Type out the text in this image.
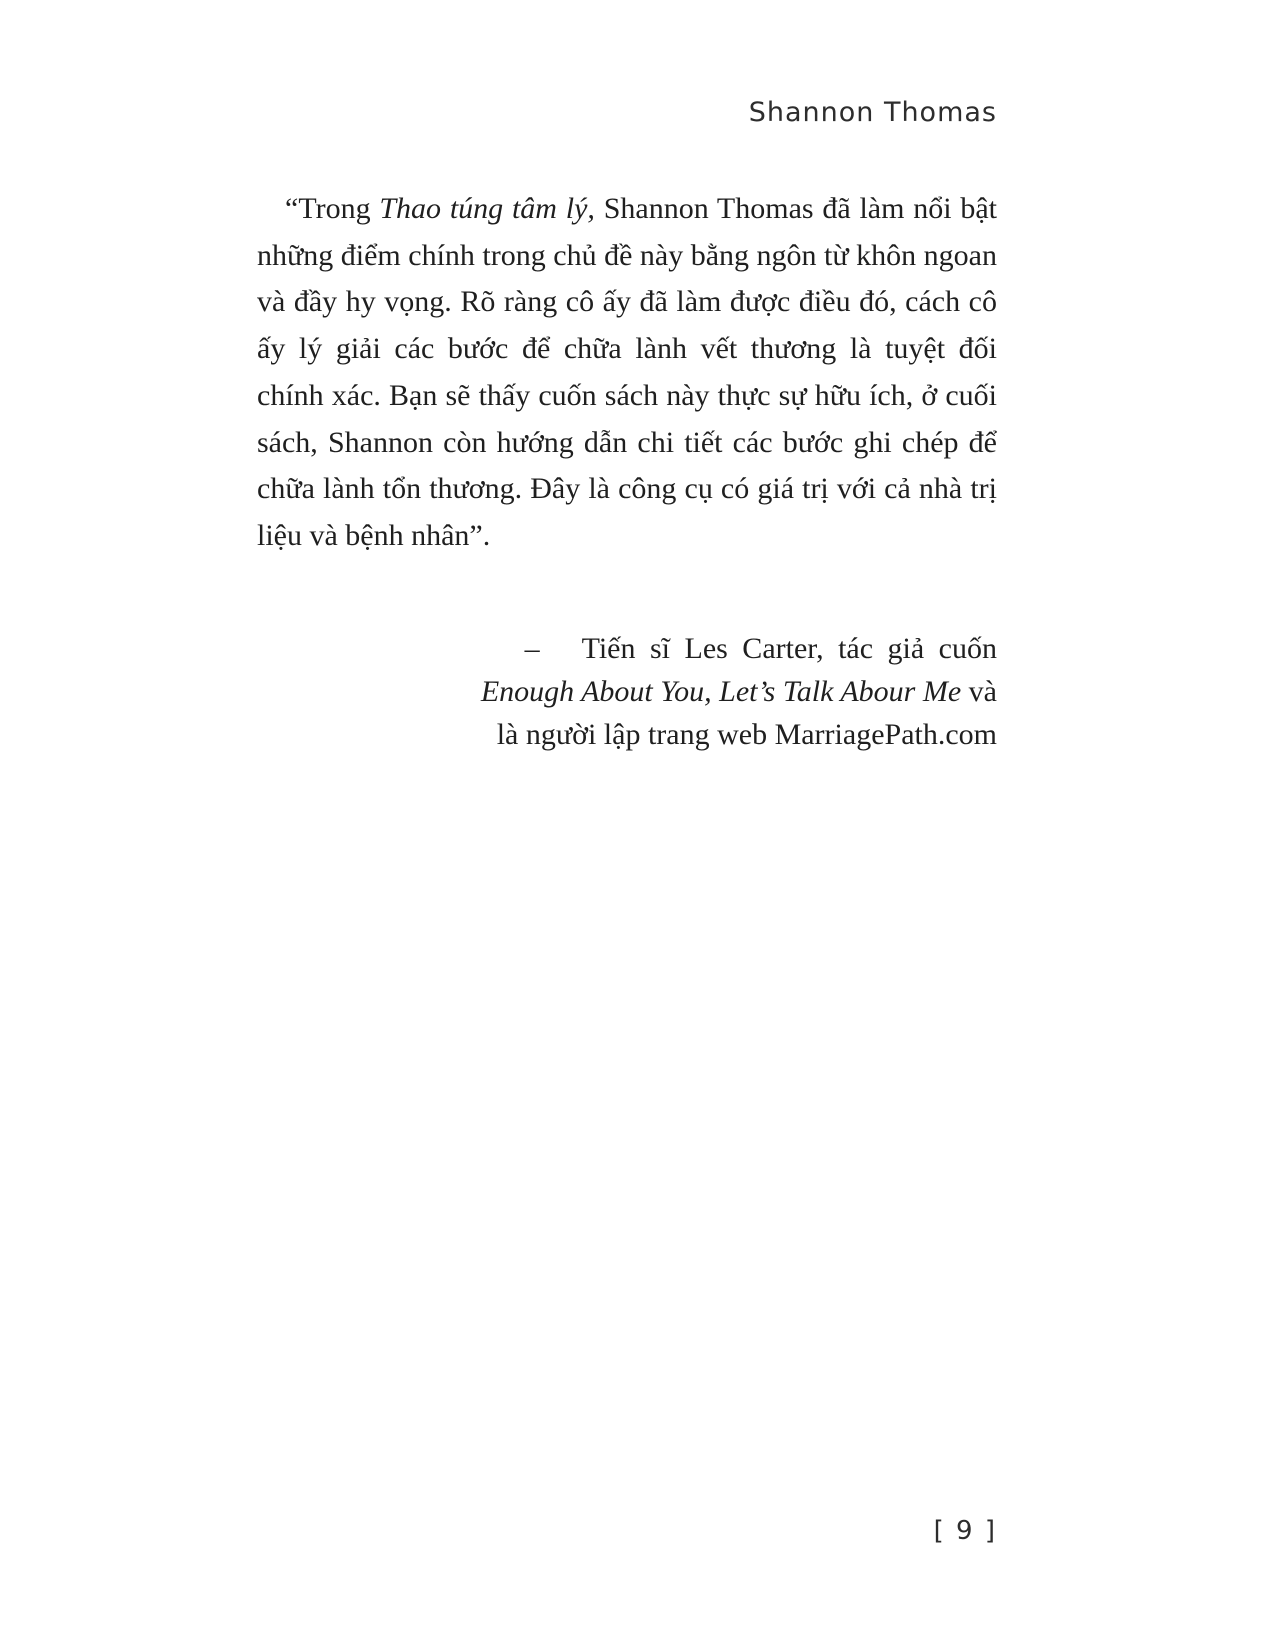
Shannon Thomas

“Trong Thao túng tâm lý, Shannon Thomas đã làm nổi bật những điểm chính trong chủ đề này bằng ngôn từ khôn ngoan và đầy hy vọng. Rõ ràng cô ấy đã làm được điều đó, cách cô ấy lý giải các bước để chữa lành vết thương là tuyệt đối chính xác. Bạn sẽ thấy cuốn sách này thực sự hữu ích, ở cuối sách, Shannon còn hướng dẫn chi tiết các bước ghi chép để chữa lành tổn thương. Đây là công cụ có giá trị với cả nhà trị liệu và bệnh nhân”.

– Tiến sĩ Les Carter, tác giả cuốn
Enough About You, Let’s Talk Abour Me và
là người lập trang web MarriagePath.com
[ 9 ]
